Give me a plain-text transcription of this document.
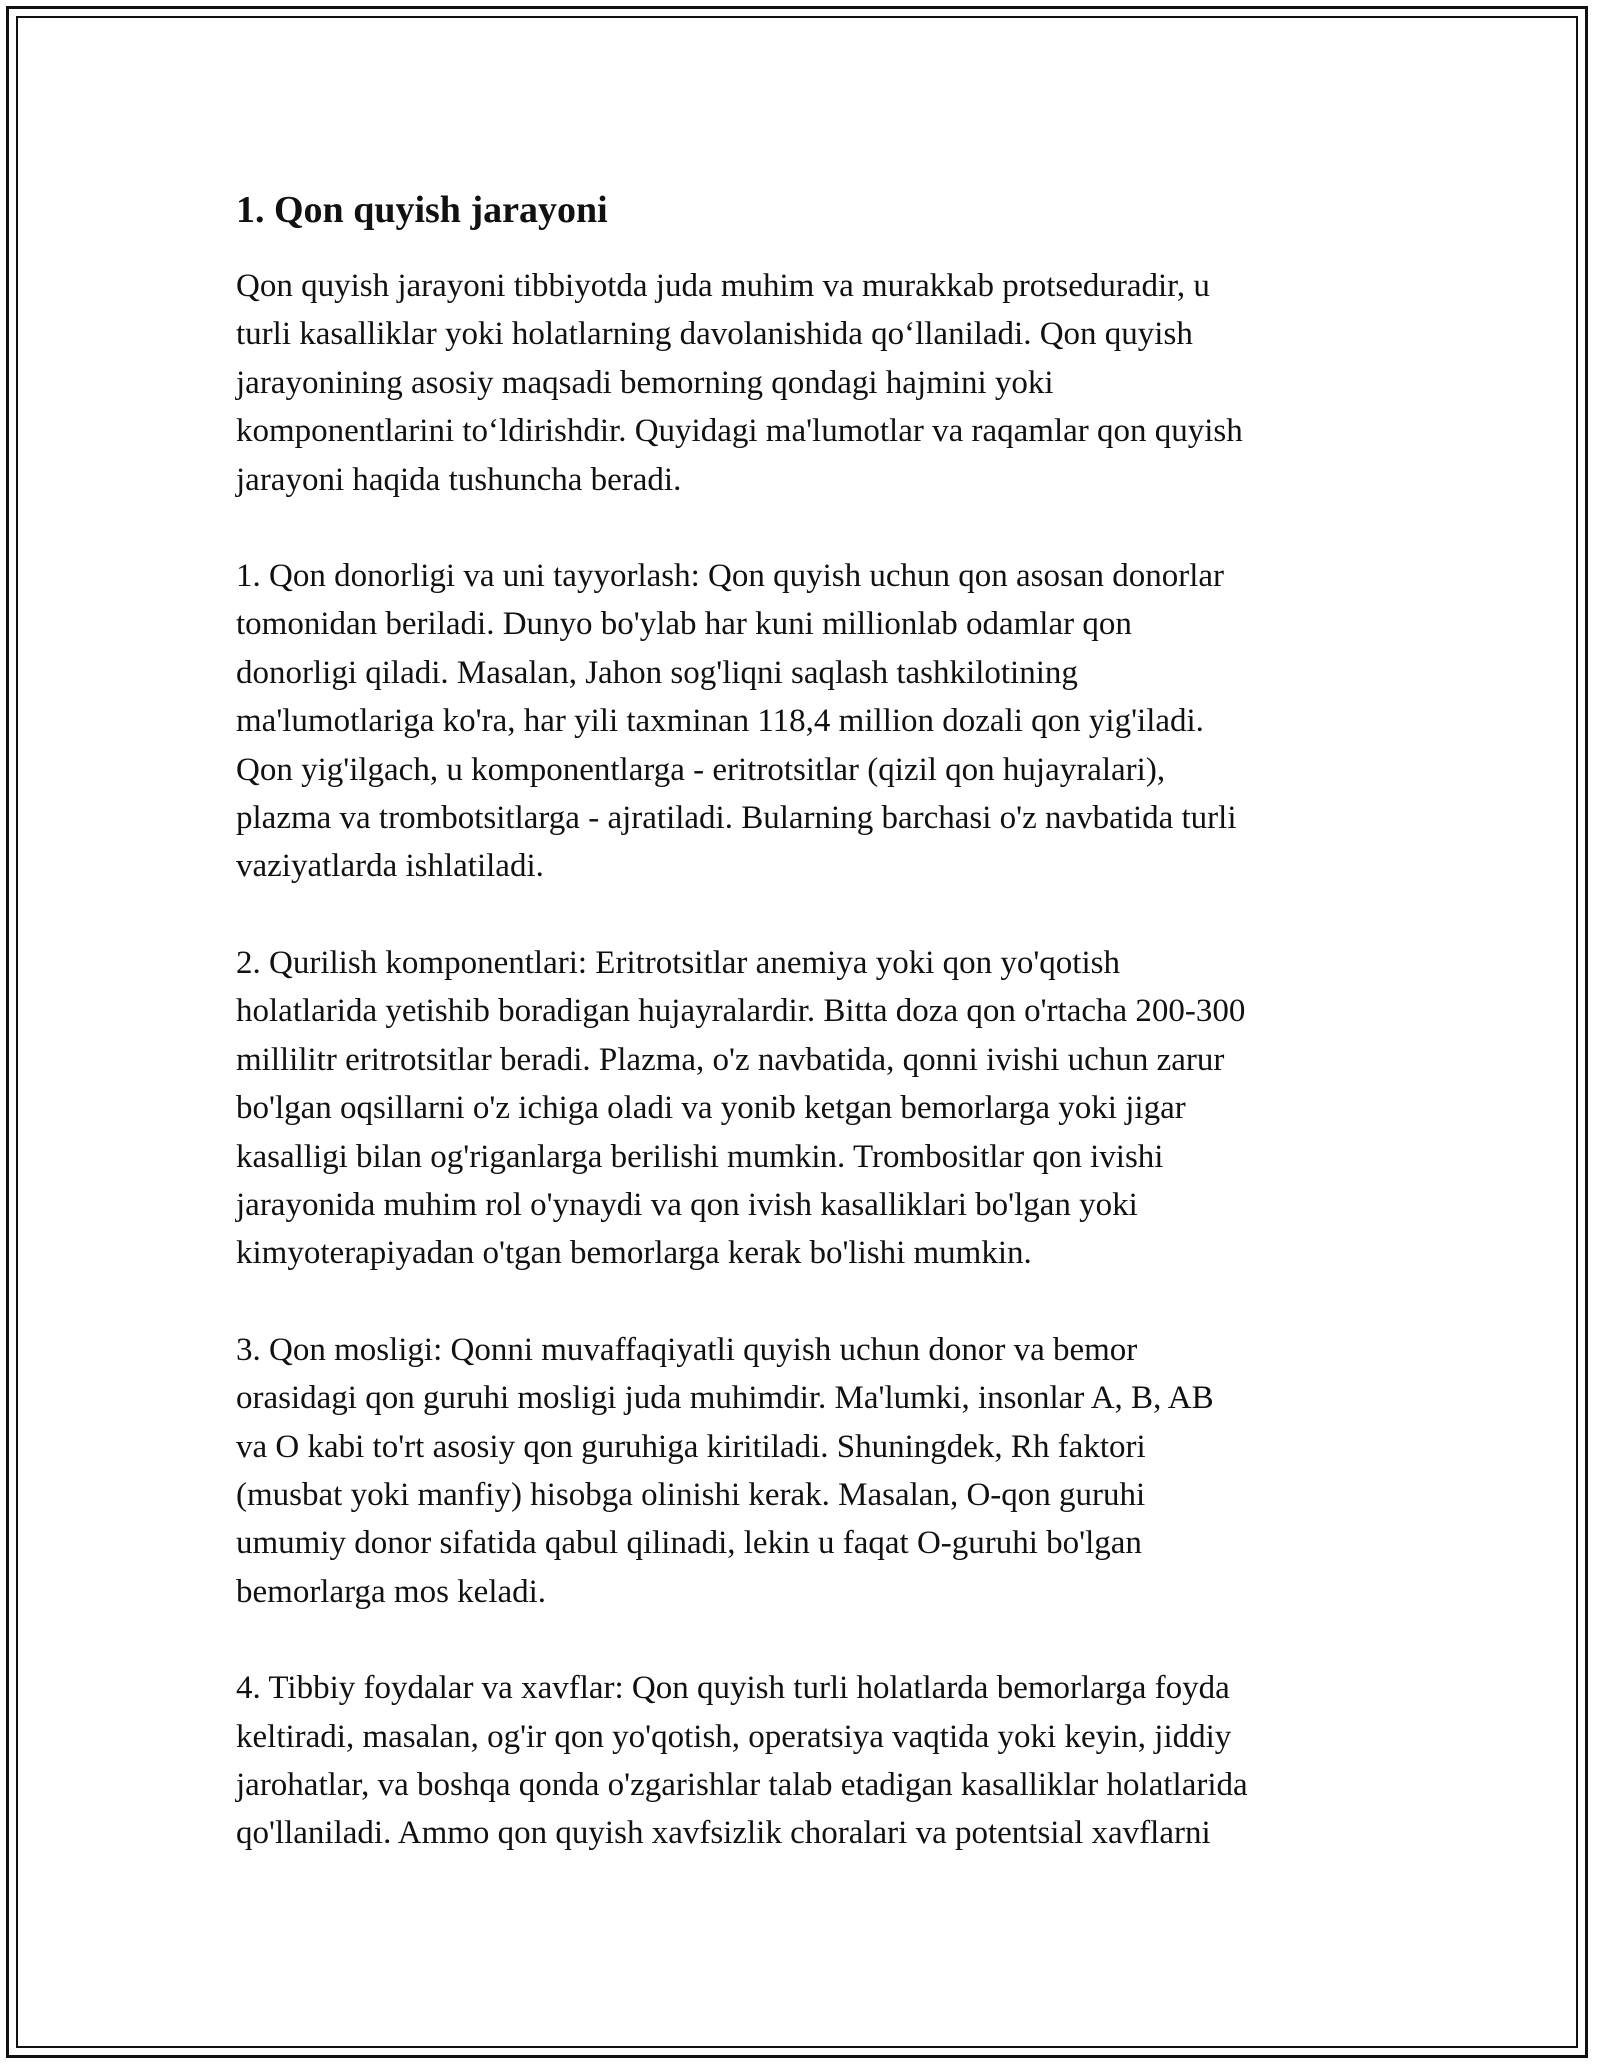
1. Qon quyish jarayoni

Qon quyish jarayoni tibbiyotda juda muhim va murakkab protseduradir, u
turli kasalliklar yoki holatlarning davolanishida qoʻllaniladi. Qon quyish
jarayonining asosiy maqsadi bemorning qondagi hajmini yoki
komponentlarini toʻldirishdir. Quyidagi ma'lumotlar va raqamlar qon quyish
jarayoni haqida tushuncha beradi.

1. Qon donorligi va uni tayyorlash: Qon quyish uchun qon asosan donorlar
tomonidan beriladi. Dunyo bo'ylab har kuni millionlab odamlar qon
donorligi qiladi. Masalan, Jahon sog'liqni saqlash tashkilotining
ma'lumotlariga ko'ra, har yili taxminan 118,4 million dozali qon yig'iladi.
Qon yig'ilgach, u komponentlarga - eritrotsitlar (qizil qon hujayralari),
plazma va trombotsitlarga - ajratiladi. Bularning barchasi o'z navbatida turli
vaziyatlarda ishlatiladi.

2. Qurilish komponentlari: Eritrotsitlar anemiya yoki qon yo'qotish
holatlarida yetishib boradigan hujayralardir. Bitta doza qon o'rtacha 200-300
millilitr eritrotsitlar beradi. Plazma, o'z navbatida, qonni ivishi uchun zarur
bo'lgan oqsillarni o'z ichiga oladi va yonib ketgan bemorlarga yoki jigar
kasalligi bilan og'riganlarga berilishi mumkin. Trombositlar qon ivishi
jarayonida muhim rol o'ynaydi va qon ivish kasalliklari bo'lgan yoki
kimyoterapiyadan o'tgan bemorlarga kerak bo'lishi mumkin.

3. Qon mosligi: Qonni muvaffaqiyatli quyish uchun donor va bemor
orasidagi qon guruhi mosligi juda muhimdir. Ma'lumki, insonlar A, B, AB
va O kabi to'rt asosiy qon guruhiga kiritiladi. Shuningdek, Rh faktori
(musbat yoki manfiy) hisobga olinishi kerak. Masalan, O-qon guruhi
umumiy donor sifatida qabul qilinadi, lekin u faqat O-guruhi bo'lgan
bemorlarga mos keladi.

4. Tibbiy foydalar va xavflar: Qon quyish turli holatlarda bemorlarga foyda
keltiradi, masalan, og'ir qon yo'qotish, operatsiya vaqtida yoki keyin, jiddiy
jarohatlar, va boshqa qonda o'zgarishlar talab etadigan kasalliklar holatlarida
qo'llaniladi. Ammo qon quyish xavfsizlik choralari va potentsial xavflarni
